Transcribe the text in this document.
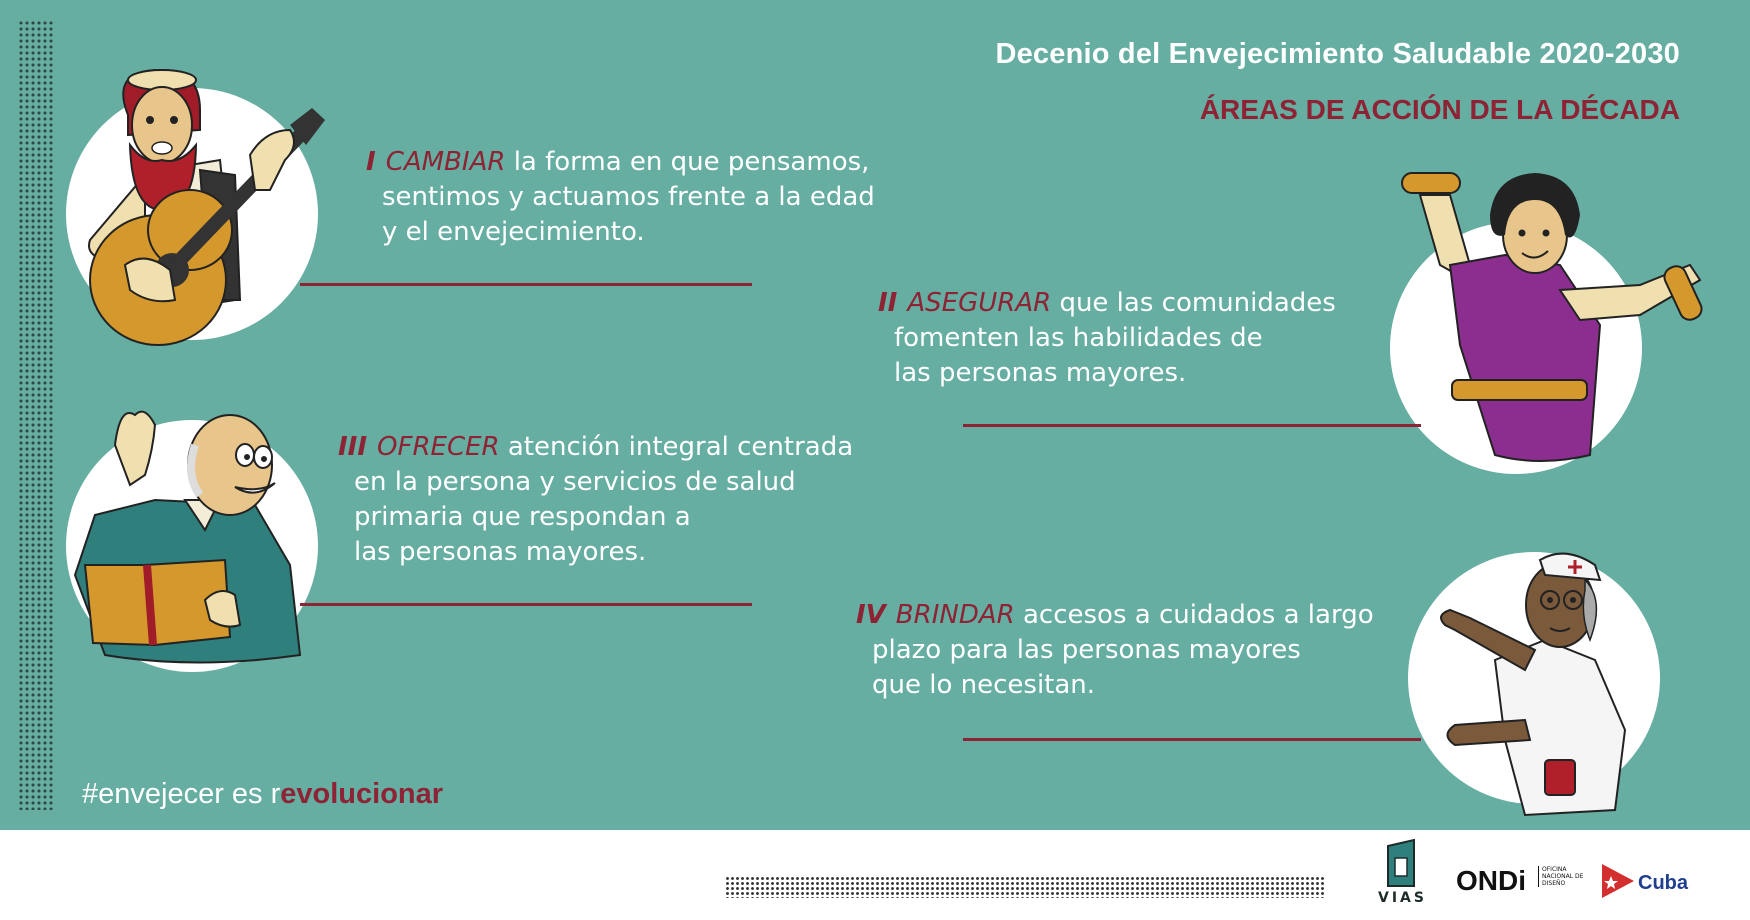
Decenio del Envejecimiento Saludable 2020-2030
ÁREAS DE ACCIÓN DE LA DÉCADA
I CAMBIAR la forma en que pensamos,
sentimos y actuamos frente a la edad
y el envejecimiento.
II ASEGURAR que las comunidades
fomenten las habilidades de
las personas mayores.
III OFRECER atención integral centrada
en la persona y servicios de salud
primaria que respondan a
las personas mayores.
IV BRINDAR accesos a cuidados a largo
plazo para las personas mayores
que lo necesitan.
#envejecer es revolucionar
VIAS
ONDi	OFICINA NACIONAL DE DISEÑO	Cuba
